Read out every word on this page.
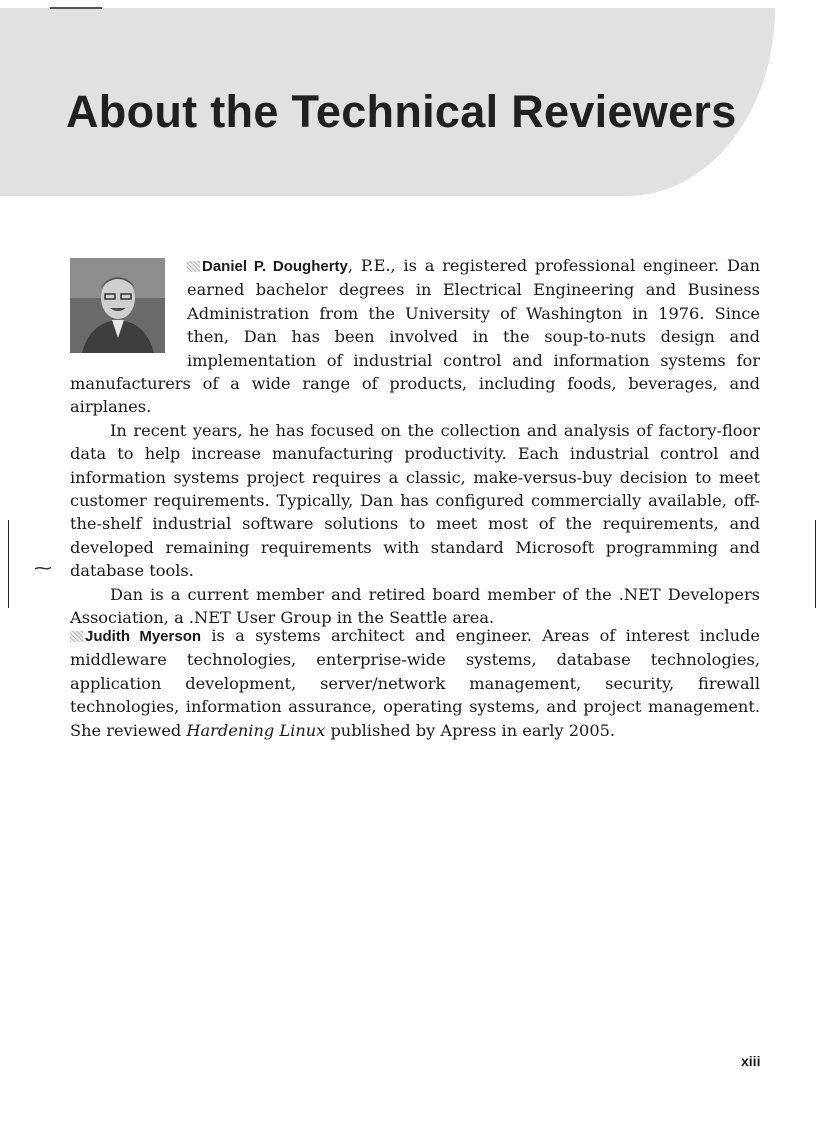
About the Technical Reviewers
⁓

Daniel P. Dougherty, P.E., is a registered professional engineer. Dan earned bachelor degrees in Electrical Engineering and Business Administration from the University of Washington in 1976. Since then, Dan has been involved in the soup-to-nuts design and implementation of industrial control and information systems for manufacturers of a wide range of products, including foods, beverages, and airplanes.

In recent years, he has focused on the collection and analysis of factory-floor data to help increase manufacturing productivity. Each industrial control and information systems project requires a classic, make-versus-buy decision to meet customer requirements. Typically, Dan has configured commercially available, off-the-shelf industrial software solutions to meet most of the requirements, and developed remaining requirements with standard Microsoft programming and database tools.

Dan is a current member and retired board member of the .NET Developers Association, a .NET User Group in the Seattle area.

Judith Myerson is a systems architect and engineer. Areas of interest include middleware technologies, enterprise-wide systems, database technologies, application development, server/network management, security, firewall technologies, information assurance, operating systems, and project management. She reviewed Hardening Linux published by Apress in early 2005.

xiii
